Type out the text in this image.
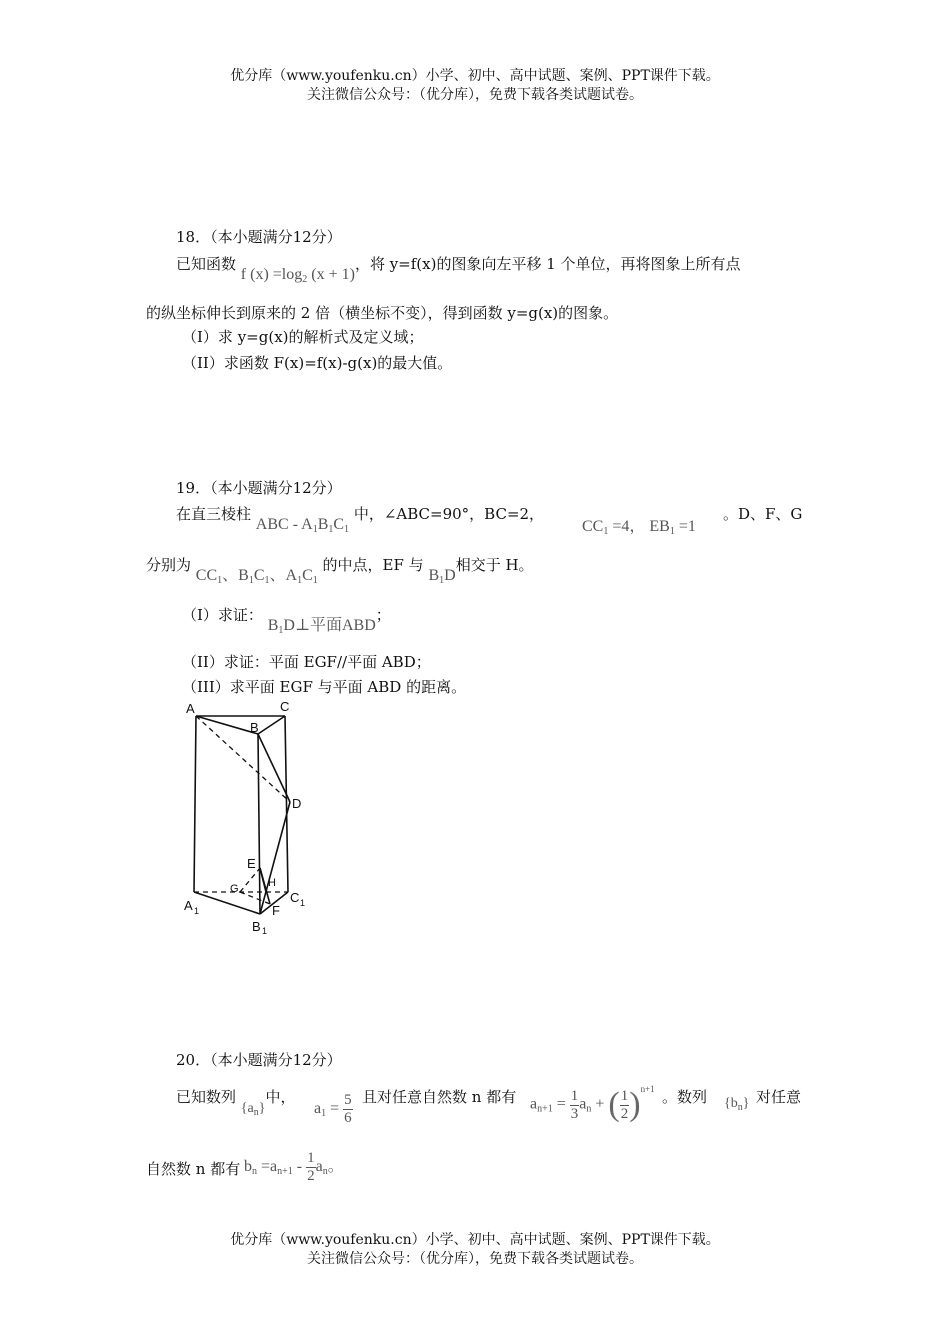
优分库（www.youfenku.cn）小学、初中、高中试题、案例、PPT课件下载。
关注微信公众号：（优分库），免费下载各类试题试卷。
18．（本小题满分12分）
已知函数 f $(x) =\log_2$ (x + 1)，将 y=f(x)的图象向左平移 1 个单位，再将图象上所有点
的纵坐标伸长到原来的 2 倍（横坐标不变），得到函数 y=g(x)的图象。
（I）求 y=g(x)的解析式及定义域；
（II）求函数 F(x)=f(x)-g(x)的最大值。
19．（本小题满分12分）
在直三棱柱 ABC - $A_1B_1C_1$ 中，∠ABC=90°，BC=2，
$CC_1 =4$， $EB_1 =1$
。D、F、G
分别为 $CC_1$、$B_1C_1$、$A_1C_1$ 的中点，EF 与 $B_1D$相交于 H。
（I）求证： $B_1D\perp$平面ABD；
（II）求证：平面 EGF//平面 ABD；
（III）求平面 EGF 与平面 ABD 的距离。
A	C
B
D
E
G	H
A 1
C 1
B 1
F
20．（本小题满分12分）
已知数列 $\{a_n\}$中，
$a_1 = \frac{5}{6}$ 且对任意自然数 n 都有 $a_{n+1} = \frac{1}{3} a_n$ + ( $\frac{1}{2} )^{n+1}$ 。数列 $\{b_n\}$ 对任意
自然数 n 都有 $b_n =a_{n+1} - \frac{1}{2} a_n$。
优分库（www.youfenku.cn）小学、初中、高中试题、案例、PPT课件下载。
关注微信公众号：（优分库），免费下载各类试题试卷。
